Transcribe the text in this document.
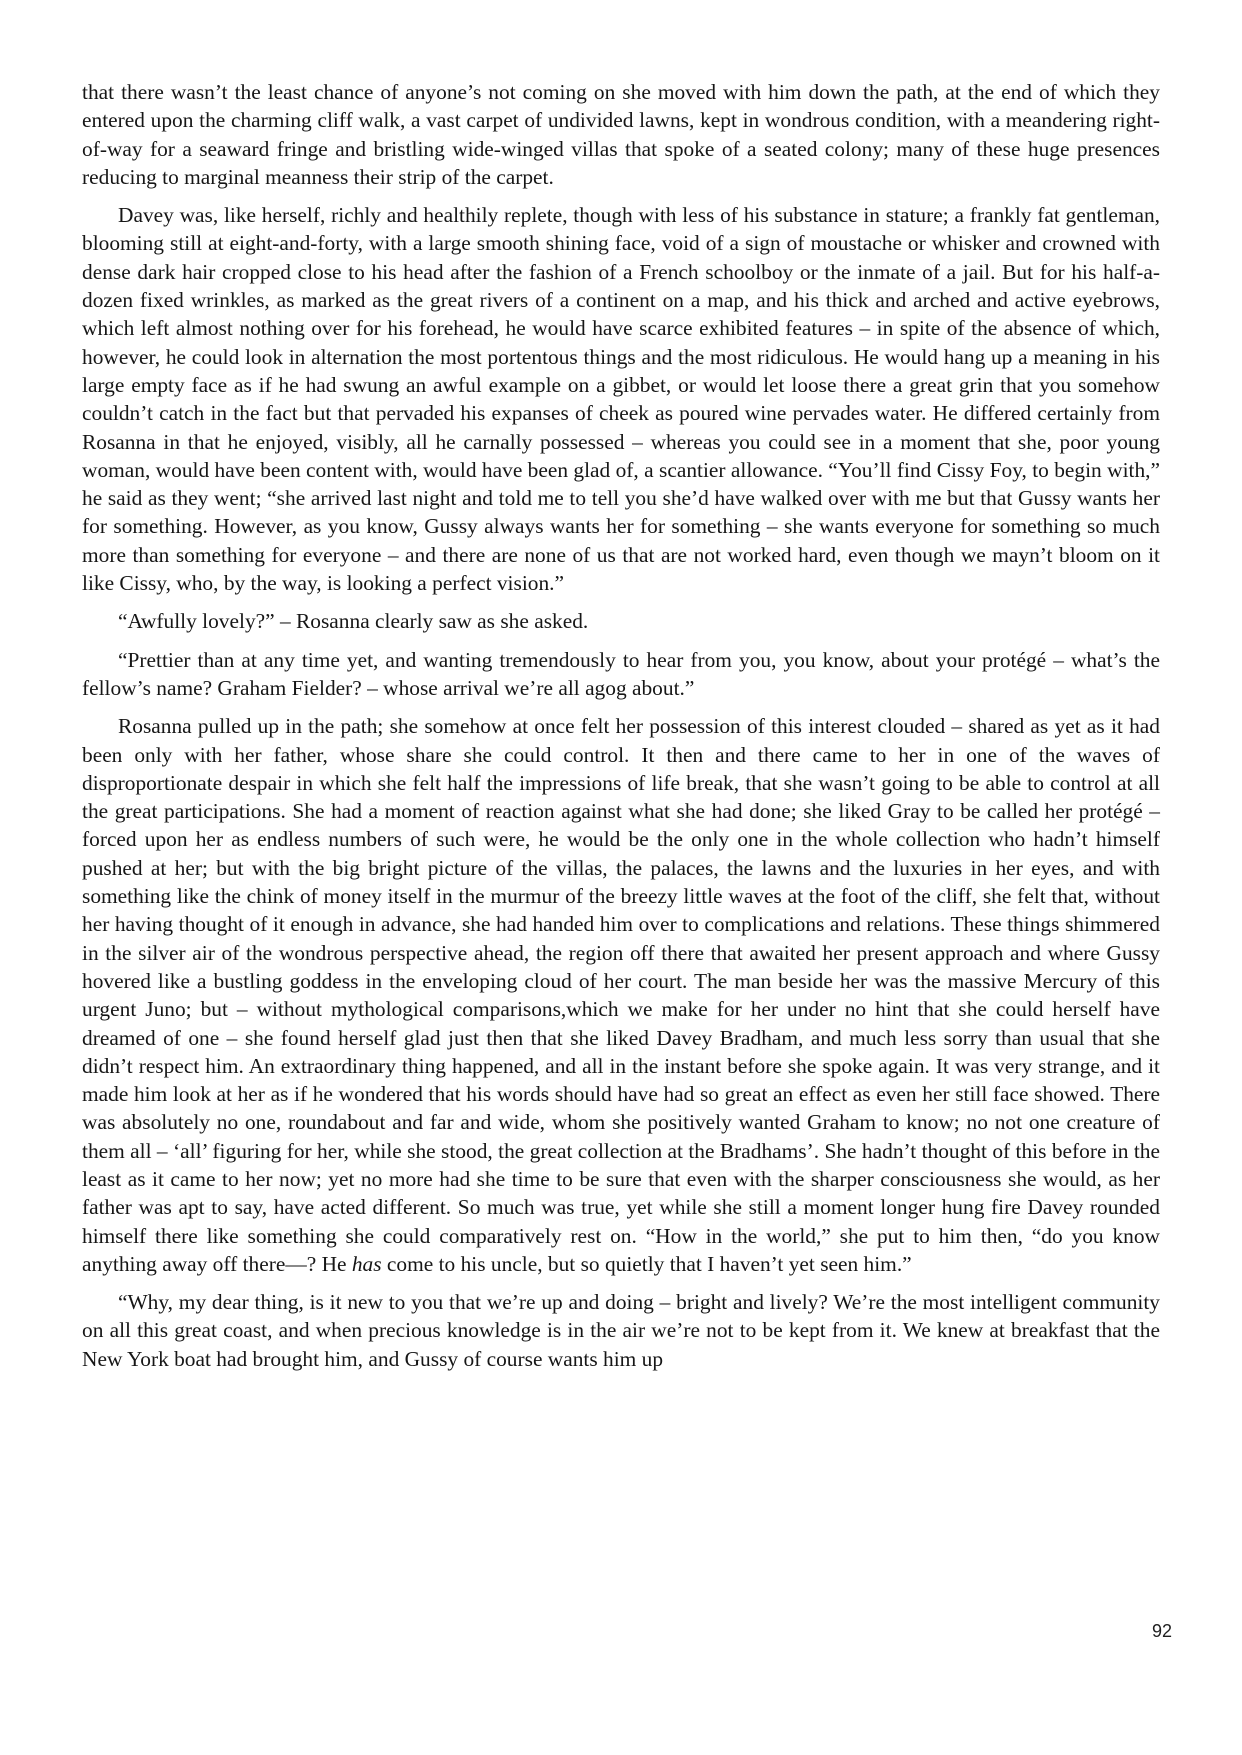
that there wasn’t the least chance of anyone’s not coming on she moved with him down the path, at the end of which they entered upon the charming cliff walk, a vast carpet of undivided lawns, kept in wondrous condition, with a meandering right-of-way for a seaward fringe and bristling wide-winged villas that spoke of a seated colony; many of these huge presences reducing to marginal meanness their strip of the carpet.

Davey was, like herself, richly and healthily replete, though with less of his substance in stature; a frankly fat gentleman, blooming still at eight-and-forty, with a large smooth shining face, void of a sign of moustache or whisker and crowned with dense dark hair cropped close to his head after the fashion of a French schoolboy or the inmate of a jail. But for his half-a-dozen fixed wrinkles, as marked as the great rivers of a continent on a map, and his thick and arched and active eyebrows, which left almost nothing over for his forehead, he would have scarce exhibited features – in spite of the absence of which, however, he could look in alternation the most portentous things and the most ridiculous. He would hang up a meaning in his large empty face as if he had swung an awful example on a gibbet, or would let loose there a great grin that you somehow couldn’t catch in the fact but that pervaded his expanses of cheek as poured wine pervades water. He differed certainly from Rosanna in that he enjoyed, visibly, all he carnally possessed – whereas you could see in a moment that she, poor young woman, would have been content with, would have been glad of, a scantier allowance. “You’ll find Cissy Foy, to begin with,” he said as they went; “she arrived last night and told me to tell you she’d have walked over with me but that Gussy wants her for something. However, as you know, Gussy always wants her for something – she wants everyone for something so much more than something for everyone – and there are none of us that are not worked hard, even though we mayn’t bloom on it like Cissy, who, by the way, is looking a perfect vision.”

“Awfully lovely?” – Rosanna clearly saw as she asked.

“Prettier than at any time yet, and wanting tremendously to hear from you, you know, about your protégé – what’s the fellow’s name? Graham Fielder? – whose arrival we’re all agog about.”

Rosanna pulled up in the path; she somehow at once felt her possession of this interest clouded – shared as yet as it had been only with her father, whose share she could control. It then and there came to her in one of the waves of disproportionate despair in which she felt half the impressions of life break, that she wasn’t going to be able to control at all the great participations. She had a moment of reaction against what she had done; she liked Gray to be called her protégé – forced upon her as endless numbers of such were, he would be the only one in the whole collection who hadn’t himself pushed at her; but with the big bright picture of the villas, the palaces, the lawns and the luxuries in her eyes, and with something like the chink of money itself in the murmur of the breezy little waves at the foot of the cliff, she felt that, without her having thought of it enough in advance, she had handed him over to complications and relations. These things shimmered in the silver air of the wondrous perspective ahead, the region off there that awaited her present approach and where Gussy hovered like a bustling goddess in the enveloping cloud of her court. The man beside her was the massive Mercury of this urgent Juno; but – without mythological comparisons,which we make for her under no hint that she could herself have dreamed of one – she found herself glad just then that she liked Davey Bradham, and much less sorry than usual that she didn’t respect him. An extraordinary thing happened, and all in the instant before she spoke again. It was very strange, and it made him look at her as if he wondered that his words should have had so great an effect as even her still face showed. There was absolutely no one, roundabout and far and wide, whom she positively wanted Graham to know; no not one creature of them all – ‘all’ figuring for her, while she stood, the great collection at the Bradhams’. She hadn’t thought of this before in the least as it came to her now; yet no more had she time to be sure that even with the sharper consciousness she would, as her father was apt to say, have acted different. So much was true, yet while she still a moment longer hung fire Davey rounded himself there like something she could comparatively rest on. “How in the world,” she put to him then, “do you know anything away off there—? He has come to his uncle, but so quietly that I haven’t yet seen him.”

“Why, my dear thing, is it new to you that we’re up and doing – bright and lively? We’re the most intelligent community on all this great coast, and when precious knowledge is in the air we’re not to be kept from it. We knew at breakfast that the New York boat had brought him, and Gussy of course wants him up

92
